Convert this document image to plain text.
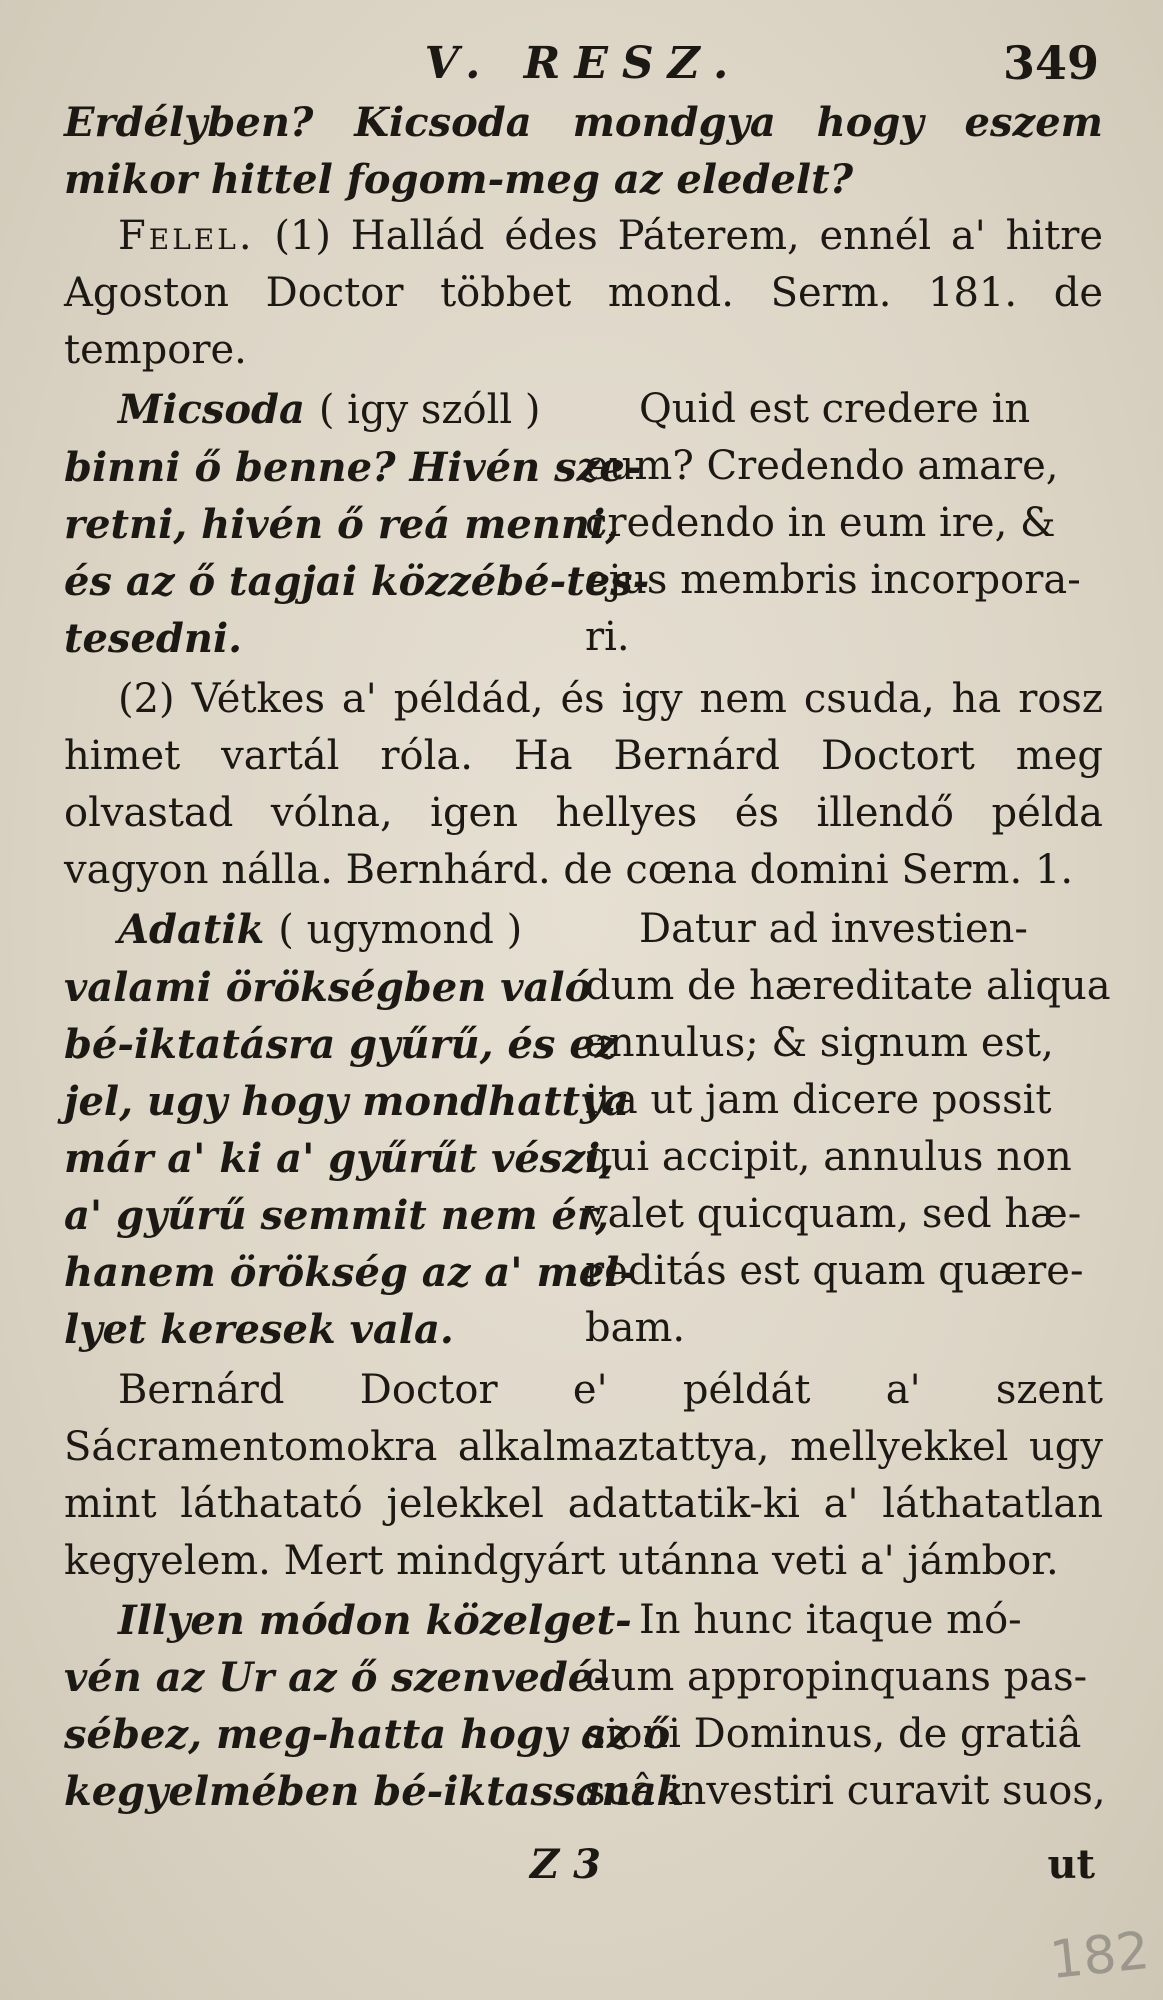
V. RESZ.	349

Erdélyben? Kicsoda mondgya hogy eszem mikor hittel fogom-meg az eledelt?

Felel. (1) Hallád édes Páterem, ennél a' hitre Agoston Doctor többet mond. Serm. 181. de tempore.

Micsoda ( igy szóll )
binni ő benne? Hivén sze-
retni, hivén ő reá menni,
és az ő tagjai közzébé-tes-
tesedni.
Quid est credere in
eum? Credendo amare,
credendo in eum ire, &
ejus membris incorpora-
ri.

(2) Vétkes a' példád, és igy nem csuda, ha rosz himet vartál róla. Ha Bernárd Doctort meg olvastad vólna, igen hellyes és illendő példa vagyon nálla. Bernhárd. de cœna domini Serm. 1.

Adatik ( ugymond )
valami örökségben való
bé-iktatásra gyűrű, és ez
jel, ugy hogy mondhattya
már a' ki a' gyűrűt vészi,
a' gyűrű semmit nem ér,
hanem örökség az a' mel-
lyet keresek vala.
Datur ad investien-
dum de hæreditate aliqua
annulus; & signum est,
ita ut jam dicere possit
qui accipit, annulus non
valet quicquam, sed hæ-
reditás est quam quære-
bam.

Bernárd Doctor e' példát a' szent Sácramentomokra alkalmaztattya, mellyekkel ugy mint láthatató jelekkel adattatik-ki a' láthatatlan kegyelem. Mert mindgyárt utánna veti a' jámbor.

Illyen módon közelget-
vén az Ur az ő szenvedé-
sébez, meg-hatta hogy az ő
kegyelmében bé-iktassanak
In hunc itaque mó-
dum appropinquans pas-
sioni Dominus, de gratiâ
suâ investiri curavit suos,
Z 3	ut
182
